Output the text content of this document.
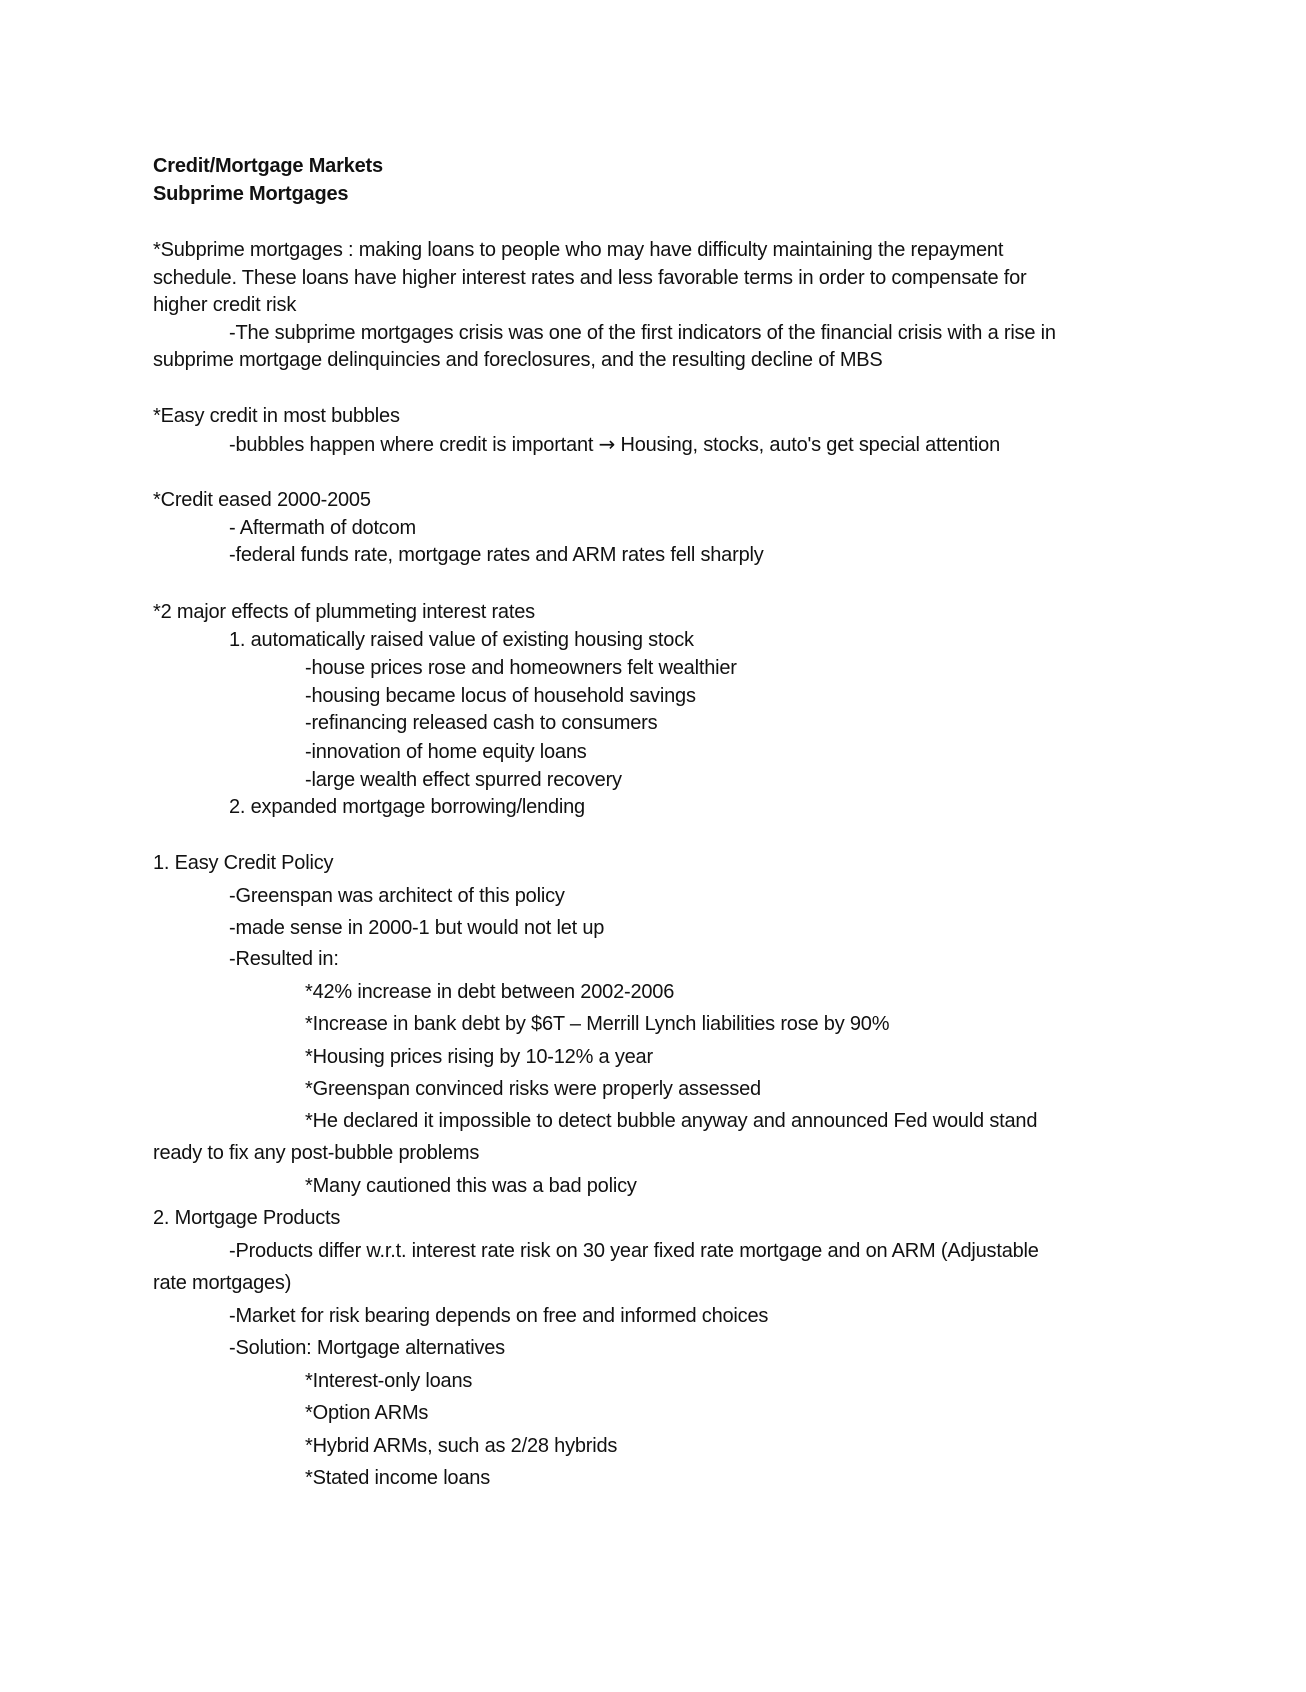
Credit/Mortgage Markets
Subprime Mortgages
*Subprime mortgages : making loans to people who may have difficulty maintaining the repayment
schedule. These loans have higher interest rates and less favorable terms in order to compensate for
higher credit risk
-The subprime mortgages crisis was one of the first indicators of the financial crisis with a rise in
subprime mortgage delinquincies and foreclosures, and the resulting decline of MBS
*Easy credit in most bubbles
-bubbles happen where credit is important → Housing, stocks, auto's get special attention
*Credit eased 2000-2005
- Aftermath of dotcom
-federal funds rate, mortgage rates and ARM rates fell sharply
*2 major effects of plummeting interest rates
1. automatically raised value of existing housing stock
-house prices rose and homeowners felt wealthier
-housing became locus of household savings
-refinancing released cash to consumers
-innovation of home equity loans
-large wealth effect spurred recovery
2. expanded mortgage borrowing/lending
1. Easy Credit Policy
-Greenspan was architect of this policy
-made sense in 2000-1 but would not let up
-Resulted in:
*42% increase in debt between 2002-2006
*Increase in bank debt by $6T – Merrill Lynch liabilities rose by 90%
*Housing prices rising by 10-12% a year
*Greenspan convinced risks were properly assessed
*He declared it impossible to detect bubble anyway and announced Fed would stand
ready to fix any post-bubble problems
*Many cautioned this was a bad policy
2. Mortgage Products
-Products differ w.r.t. interest rate risk on 30 year fixed rate mortgage and on ARM (Adjustable
rate mortgages)
-Market for risk bearing depends on free and informed choices
-Solution: Mortgage alternatives
*Interest-only loans
*Option ARMs
*Hybrid ARMs, such as 2/28 hybrids
*Stated income loans
